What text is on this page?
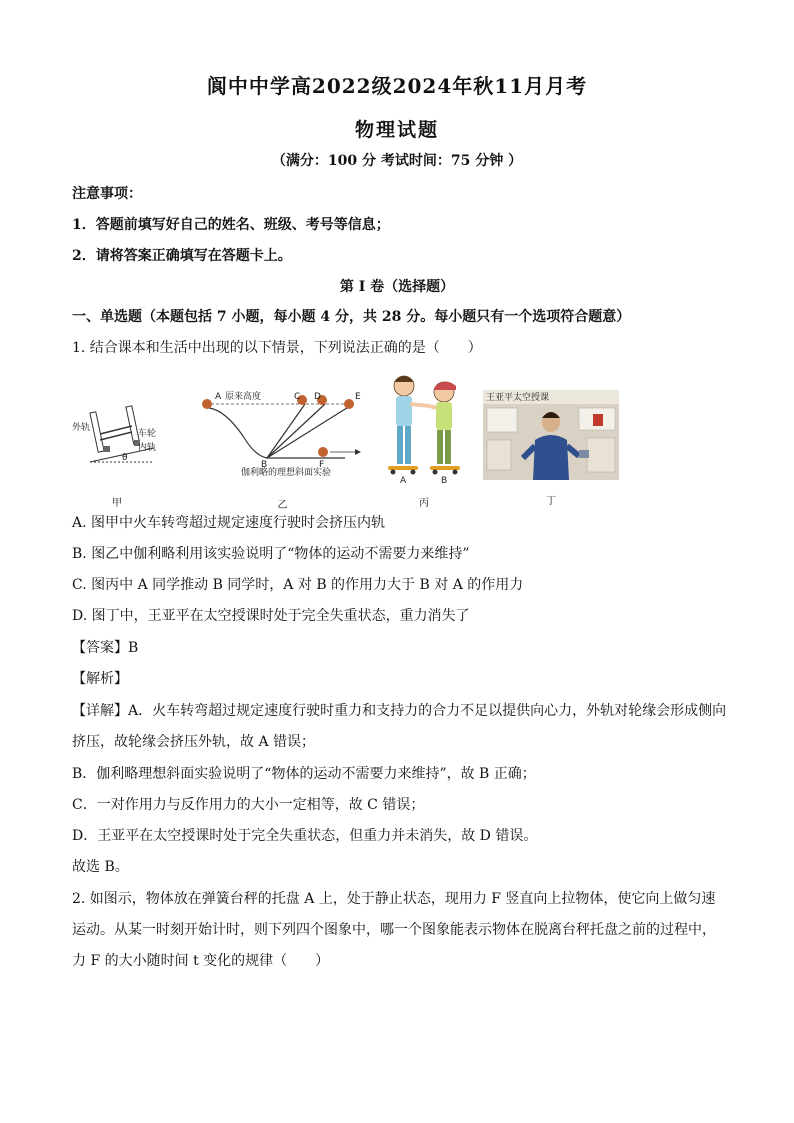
阆中中学高2022级2024年秋11月月考
物理试题
（满分：100 分 考试时间：75 分钟 ）
注意事项：
1．答题前填写好自己的姓名、班级、考号等信息；
2．请将答案正确填写在答题卡上。
第 I 卷（选择题）
一、单选题（本题包括 7 小题，每小题 4 分，共 28 分。每小题只有一个选项符合题意）
1. 结合课本和生活中出现的以下情景，下列说法正确的是（　　）
外轨
车轮
内轨
θ
甲
A 原来高度
B
C D	E
F
伽利略的理想斜面实验
乙
A	B
丙
王亚平太空授课
丁
A. 图甲中火车转弯超过规定速度行驶时会挤压内轨
B. 图乙中伽利略利用该实验说明了“物体的运动不需要力来维持”
C. 图丙中 A 同学推动 B 同学时，A 对 B 的作用力大于 B 对 A 的作用力
D. 图丁中，王亚平在太空授课时处于完全失重状态，重力消失了
【答案】B
【解析】
【详解】A．火车转弯超过规定速度行驶时重力和支持力的合力不足以提供向心力，外轨对轮缘会形成侧向
挤压，故轮缘会挤压外轨，故 A 错误；
B．伽利略理想斜面实验说明了“物体的运动不需要力来维持”，故 B 正确；
C．一对作用力与反作用力的大小一定相等，故 C 错误；
D．王亚平在太空授课时处于完全失重状态，但重力并未消失，故 D 错误。
故选 B。
2. 如图示，物体放在弹簧台秤的托盘 A 上，处于静止状态，现用力 F 竖直向上拉物体，使它向上做匀速
运动。从某一时刻开始计时，则下列四个图象中，哪一个图象能表示物体在脱离台秤托盘之前的过程中，
力 F 的大小随时间 t 变化的规律（　　）
